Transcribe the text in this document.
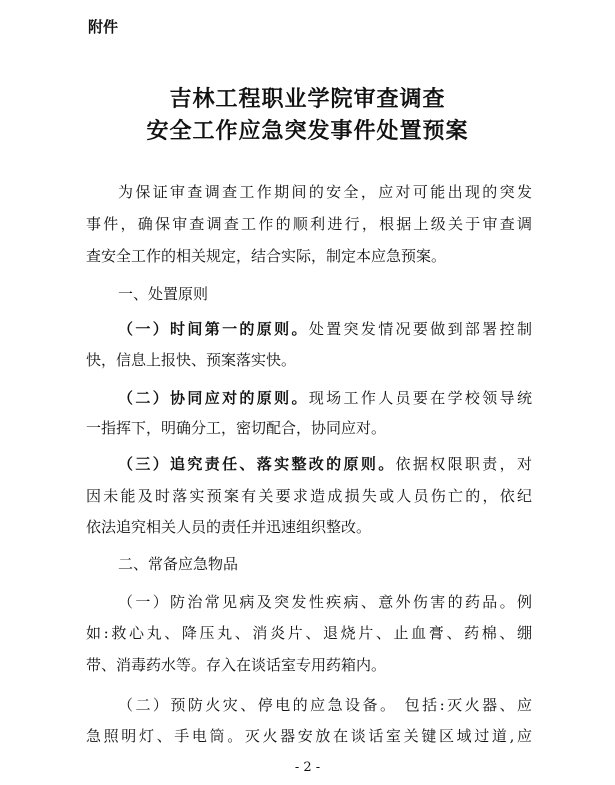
附件
吉林工程职业学院审查调查
安全工作应急突发事件处置预案
为保证审查调查工作期间的安全，应对可能出现的突发
事件，确保审查调查工作的顺利进行，根据上级关于审查调
查安全工作的相关规定，结合实际，制定本应急预案。
一、处置原则
（一）时间第一的原则。处置突发情况要做到部署控制
快，信息上报快、预案落实快。
（二）协同应对的原则。现场工作人员要在学校领导统
一指挥下，明确分工，密切配合，协同应对。
（三）追究责任、落实整改的原则。依据权限职责，对
因未能及时落实预案有关要求造成损失或人员伤亡的，依纪
依法追究相关人员的责任并迅速组织整改。
二、常备应急物品
（一）防治常见病及突发性疾病、意外伤害的药品。例
如:救心丸、降压丸、消炎片、退烧片、止血膏、药棉、绷
带、消毒药水等。存入在谈话室专用药箱内。
（二）预防火灾、停电的应急设备。 包括:灭火器、应
急照明灯、手电筒。灭火器安放在谈话室关键区域过道,应
- 2 -
